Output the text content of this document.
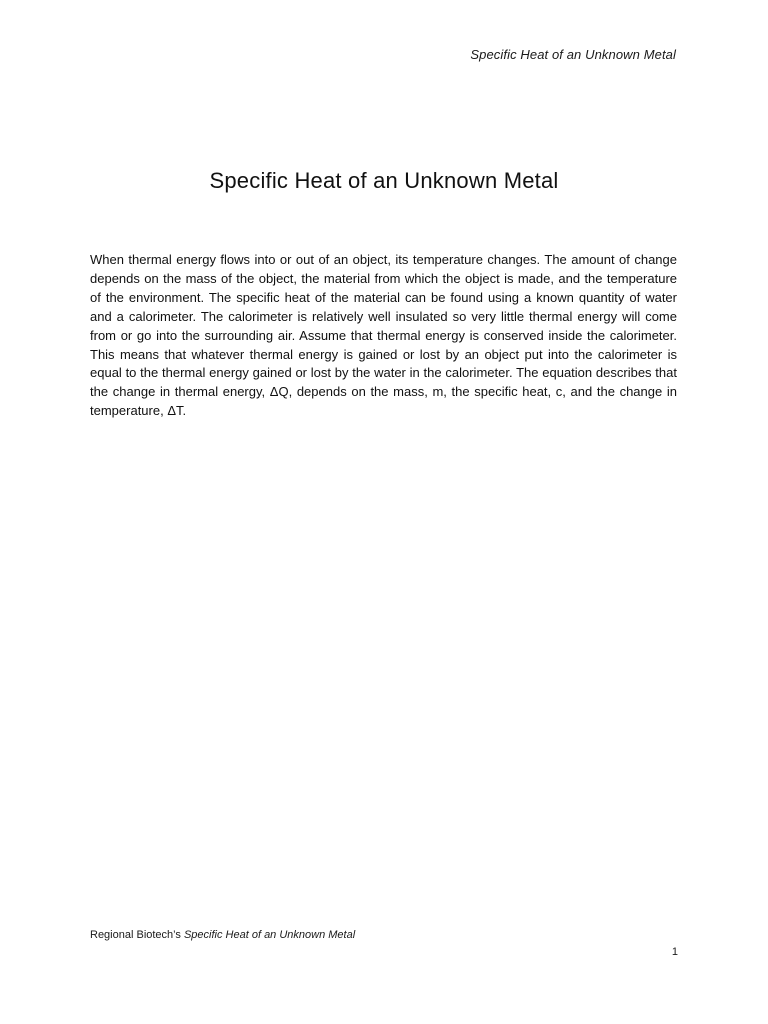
Specific Heat of an Unknown Metal
Specific Heat of an Unknown Metal

When thermal energy flows into or out of an object, its temperature changes. The amount of change depends on the mass of the object, the material from which the object is made, and the temperature of the environment. The specific heat of the material can be found using a known quantity of water and a calorimeter. The calorimeter is relatively well insulated so very little thermal energy will come from or go into the surrounding air. Assume that thermal energy is conserved inside the calorimeter. This means that whatever thermal energy is gained or lost by an object put into the calorimeter is equal to the thermal energy gained or lost by the water in the calorimeter. The equation describes that the change in thermal energy, ΔQ, depends on the mass, m, the specific heat, c, and the change in temperature, ΔT.

Regional Biotech’s Specific Heat of an Unknown Metal
1
